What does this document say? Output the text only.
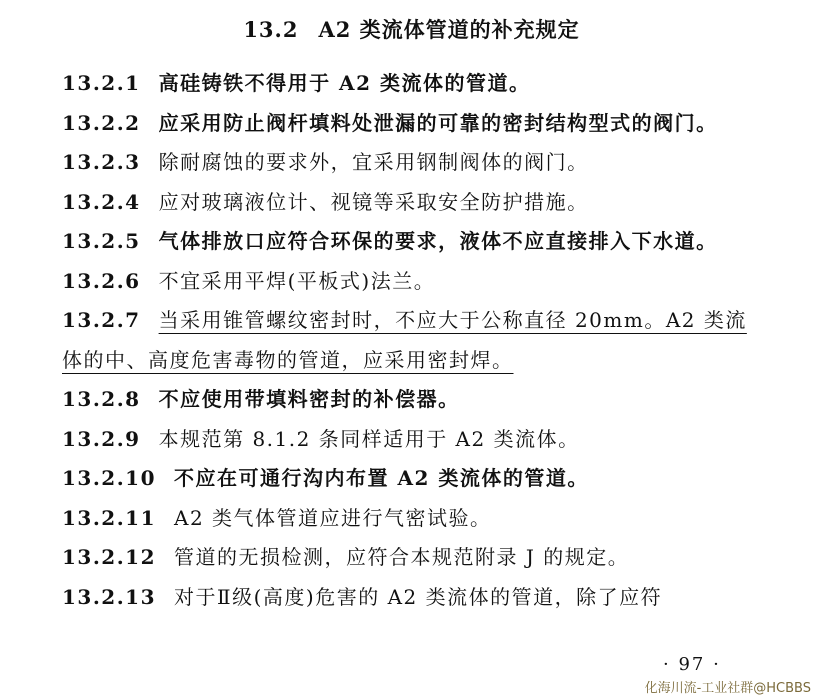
13.2 A2 类流体管道的补充规定
13.2.1 高硅铸铁不得用于 A2 类流体的管道。
13.2.2 应采用防止阀杆填料处泄漏的可靠的密封结构型式的阀门。
13.2.3 除耐腐蚀的要求外，宜采用钢制阀体的阀门。
13.2.4 应对玻璃液位计、视镜等采取安全防护措施。
13.2.5 气体排放口应符合环保的要求，液体不应直接排入下水道。
13.2.6 不宜采用平焊(平板式)法兰。
13.2.7 当采用锥管螺纹密封时，不应大于公称直径 20mm。A2 类流体的中、高度危害毒物的管道，应采用密封焊。
13.2.8 不应使用带填料密封的补偿器。
13.2.9 本规范第 8.1.2 条同样适用于 A2 类流体。
13.2.10 不应在可通行沟内布置 A2 类流体的管道。
13.2.11 A2 类气体管道应进行气密试验。
13.2.12 管道的无损检测，应符合本规范附录 J 的规定。
13.2.13 对于Ⅱ级(高度)危害的 A2 类流体的管道，除了应符
· 97 ·
化海川流-工业社群@HCBBS
